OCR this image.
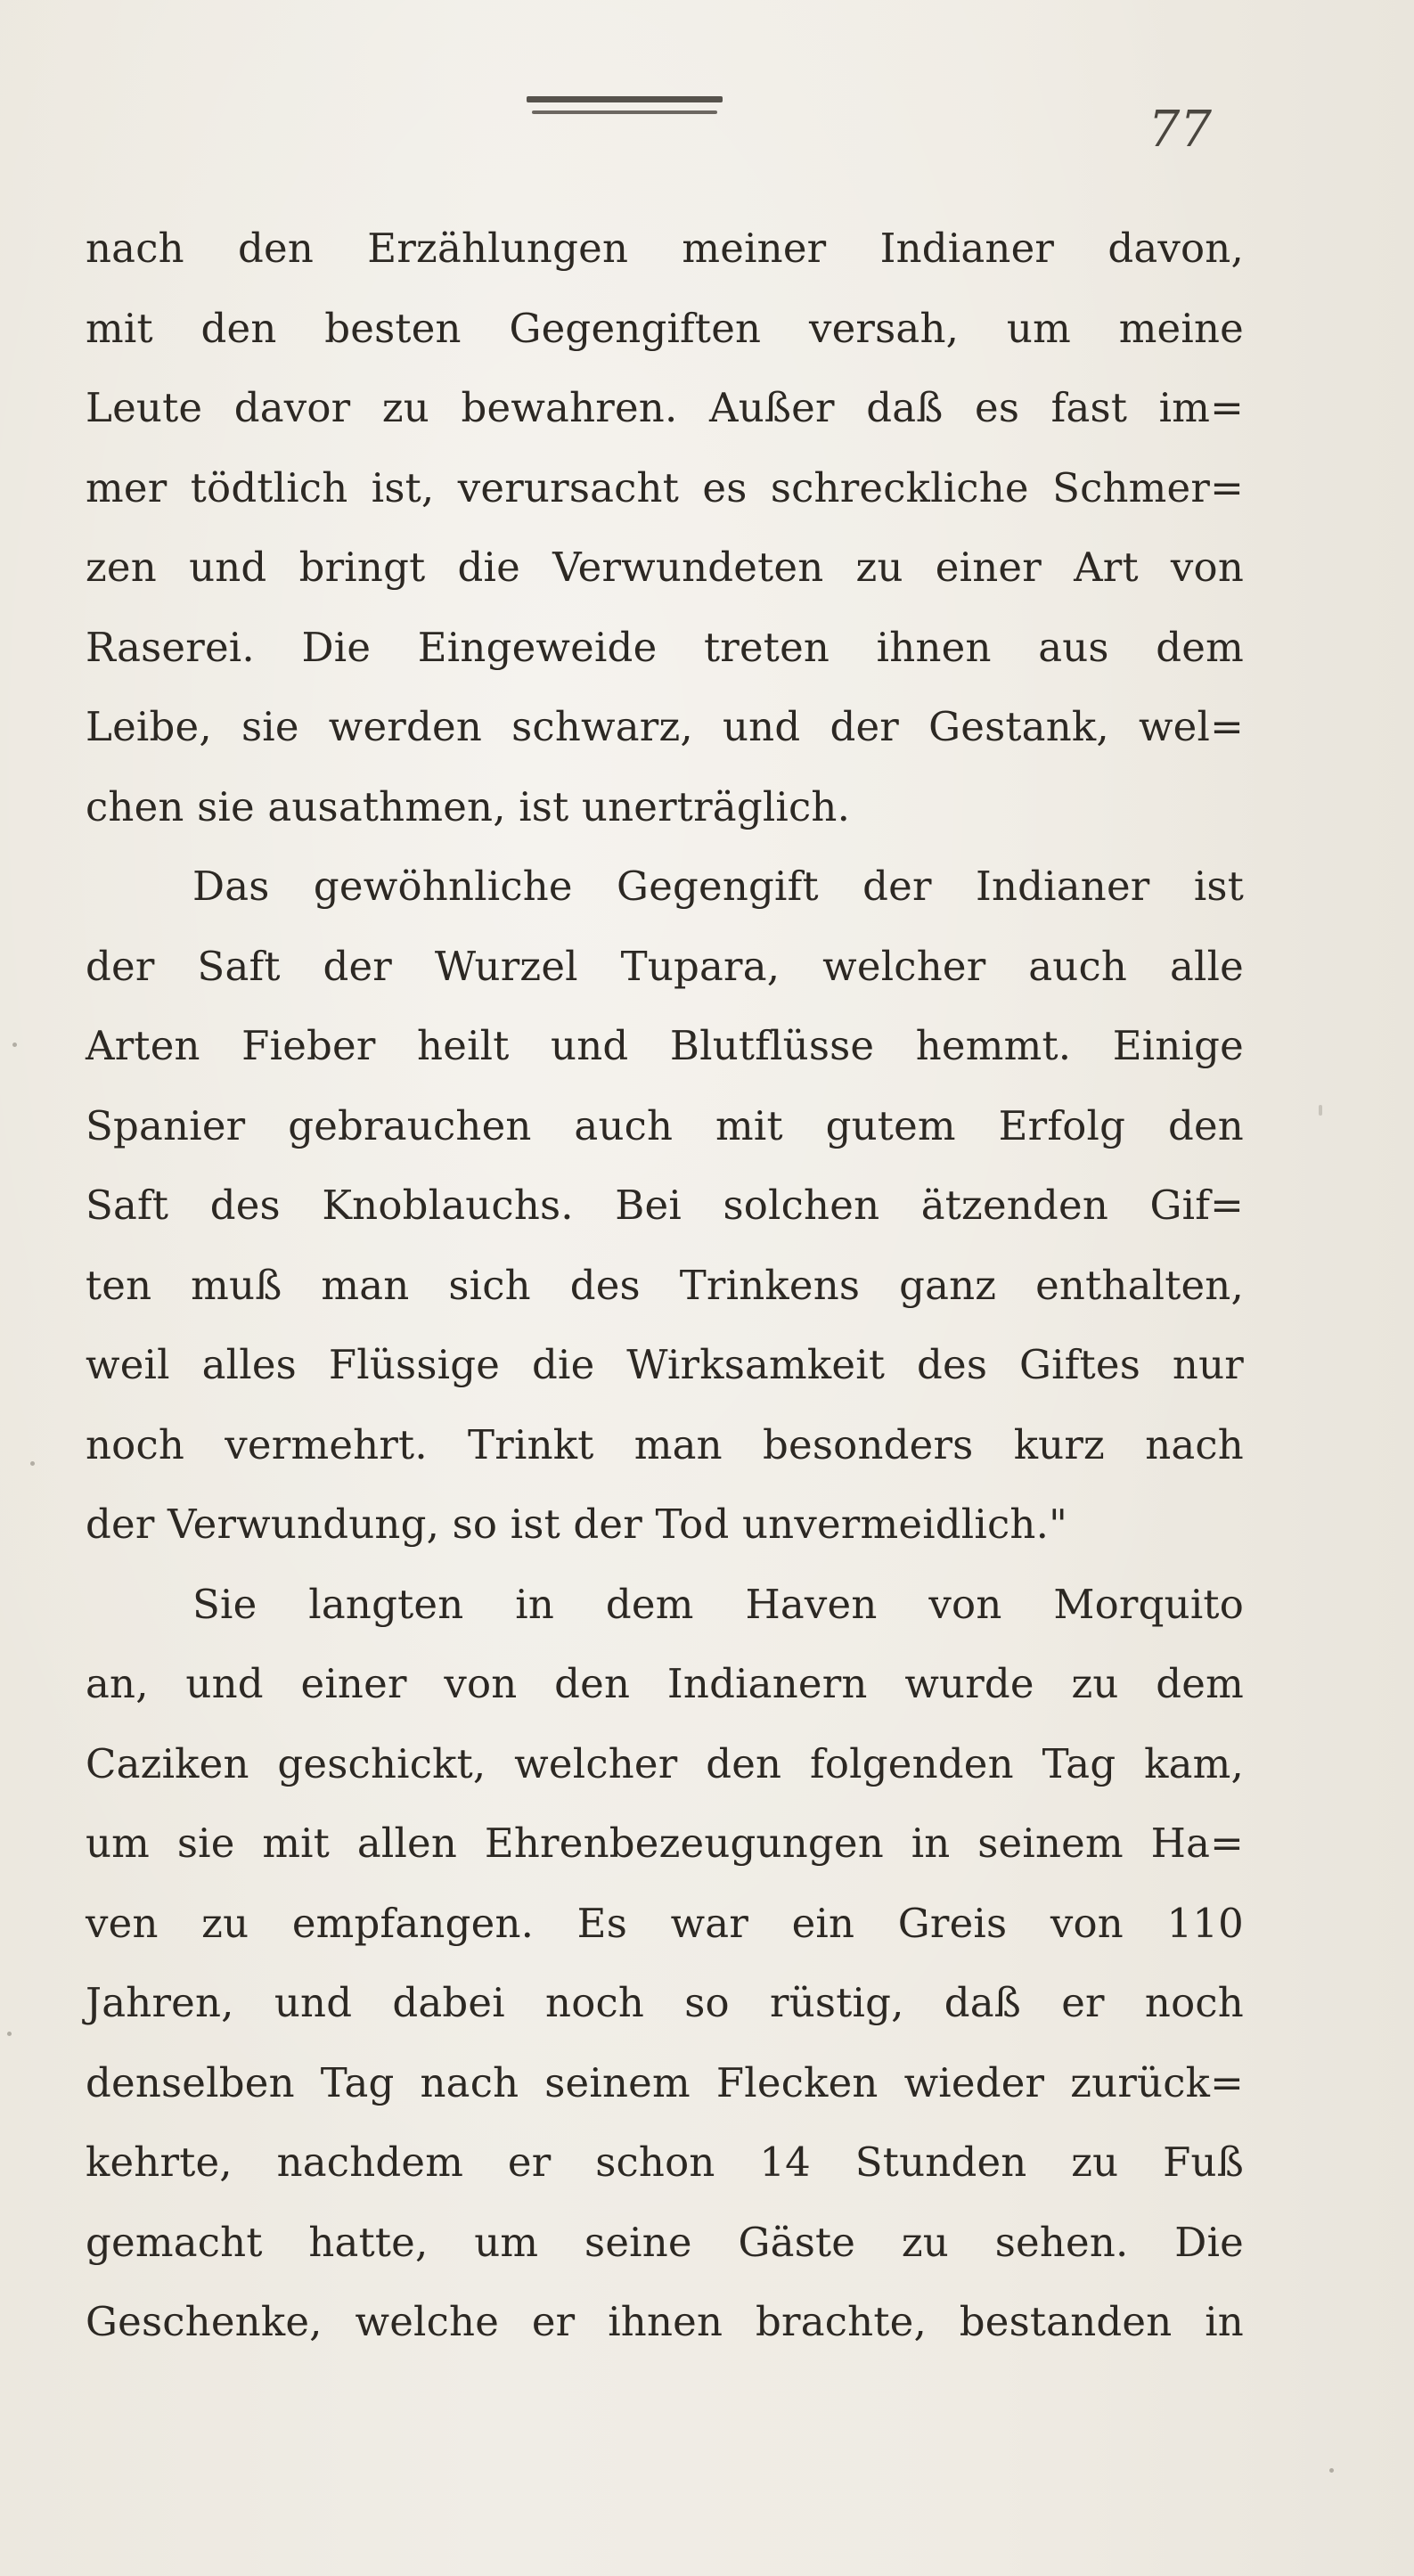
77
nach den Erzählungen meiner Indianer davon,
mit den besten Gegengiften versah, um meine
Leute davor zu bewahren. Außer daß es fast im=
mer tödtlich ist, verursacht es schreckliche Schmer=
zen und bringt die Verwundeten zu einer Art von
Raserei. Die Eingeweide treten ihnen aus dem
Leibe, sie werden schwarz, und der Gestank, wel=
chen sie ausathmen, ist unerträglich.
Das gewöhnliche Gegengift der Indianer ist
der Saft der Wurzel Tupara, welcher auch alle
Arten Fieber heilt und Blutflüsse hemmt. Einige
Spanier gebrauchen auch mit gutem Erfolg den
Saft des Knoblauchs. Bei solchen ätzenden Gif=
ten muß man sich des Trinkens ganz enthalten,
weil alles Flüssige die Wirksamkeit des Giftes nur
noch vermehrt. Trinkt man besonders kurz nach
der Verwundung, so ist der Tod unvermeidlich."
Sie langten in dem Haven von Morquito
an, und einer von den Indianern wurde zu dem
Caziken geschickt, welcher den folgenden Tag kam,
um sie mit allen Ehrenbezeugungen in seinem Ha=
ven zu empfangen. Es war ein Greis von 110
Jahren, und dabei noch so rüstig, daß er noch
denselben Tag nach seinem Flecken wieder zurück=
kehrte, nachdem er schon 14 Stunden zu Fuß
gemacht hatte, um seine Gäste zu sehen. Die
Geschenke, welche er ihnen brachte, bestanden in
